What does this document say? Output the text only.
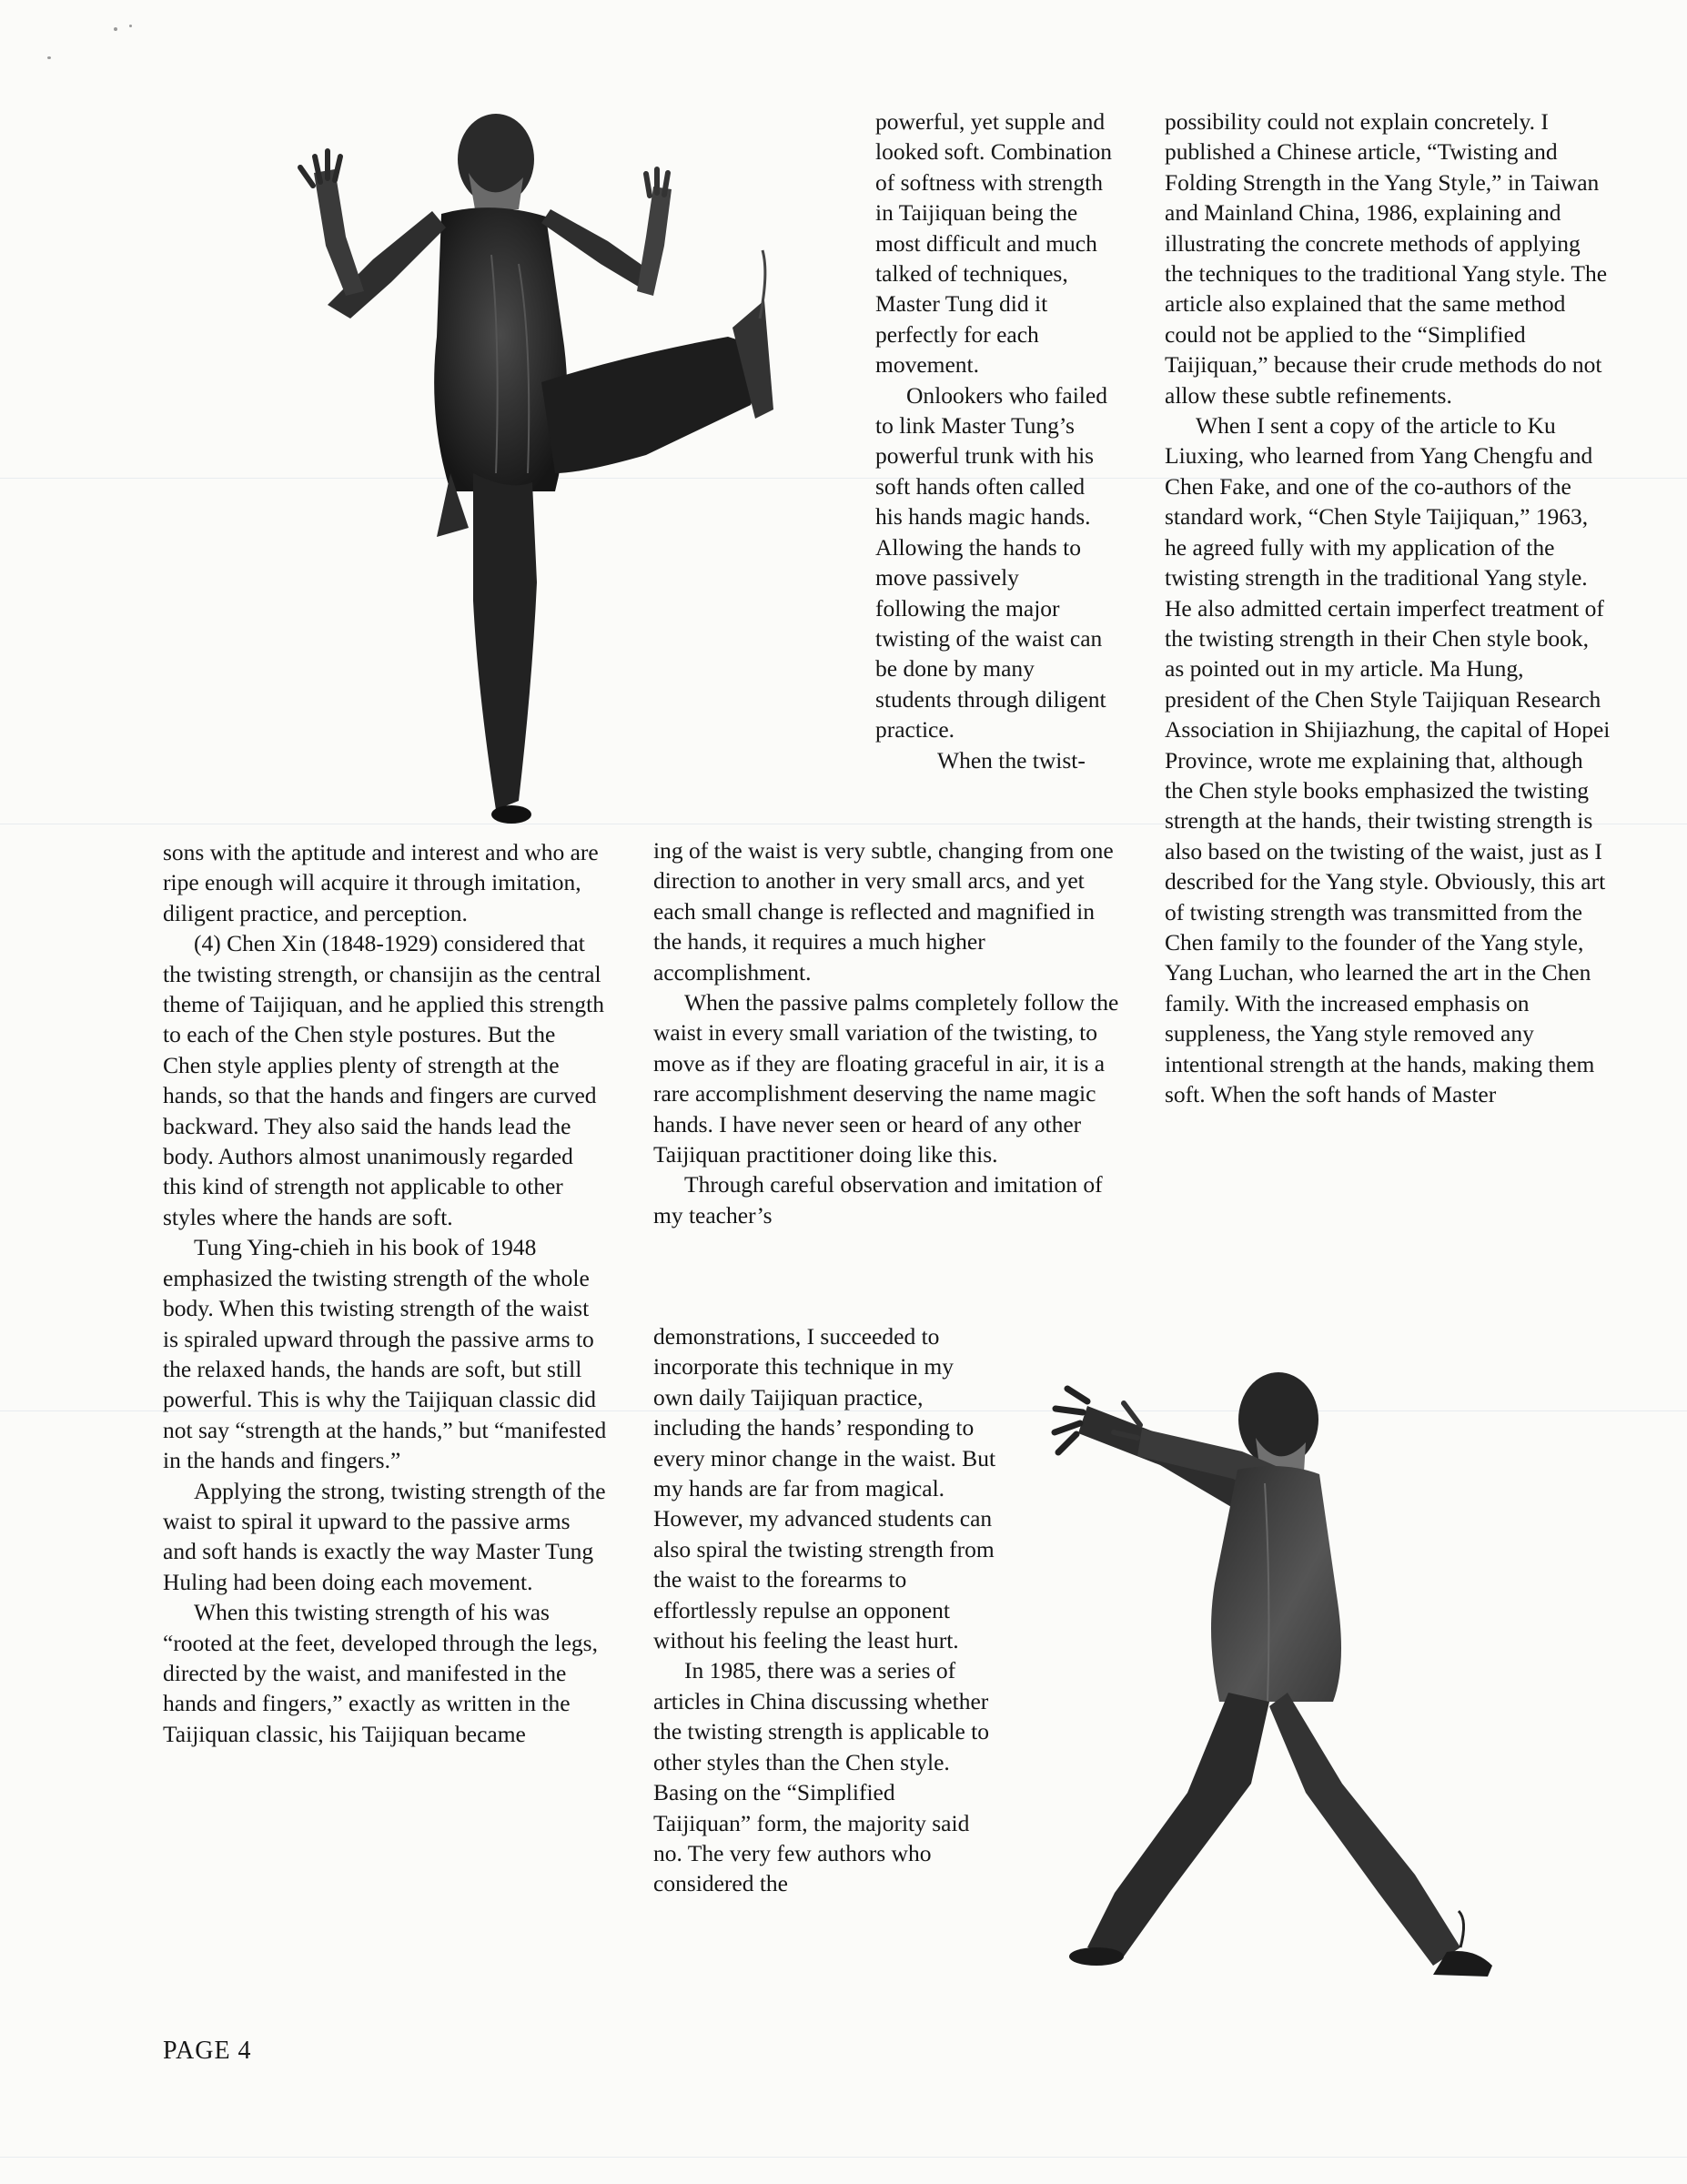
sons with the aptitude and interest and who are ripe enough will acquire it through imitation, diligent practice, and perception.

(4) Chen Xin (1848-1929) considered that the twisting strength, or chansijin as the central theme of Taijiquan, and he applied this strength to each of the Chen style postures. But the Chen style applies plenty of strength at the hands, so that the hands and fingers are curved backward. They also said the hands lead the body. Authors almost unanimously regarded this kind of strength not applicable to other styles where the hands are soft.

Tung Ying-chieh in his book of 1948 emphasized the twisting strength of the whole body. When this twisting strength of the waist is spiraled upward through the passive arms to the relaxed hands, the hands are soft, but still powerful. This is why the Taijiquan classic did not say “strength at the hands,” but “manifested in the hands and fingers.”

Applying the strong, twisting strength of the waist to spiral it upward to the passive arms and soft hands is exactly the way Master Tung Huling had been doing each movement.

When this twisting strength of his was “rooted at the feet, developed through the legs, directed by the waist, and manifested in the hands and fingers,” exactly as written in the Taijiquan classic, his Taijiquan became

powerful, yet supple and looked soft. Combination of softness with strength in Taijiquan being the most difficult and much talked of techniques, Master Tung did it perfectly for each movement.

Onlookers who failed to link Master Tung’s powerful trunk with his soft hands often called his hands magic hands. Allowing the hands to move passively following the major twisting of the waist can be done by many students through diligent practice.

When the twist-

ing of the waist is very subtle, changing from one direction to another in very small arcs, and yet each small change is reflected and magnified in the hands, it requires a much higher accomplishment.

When the passive palms completely follow the waist in every small variation of the twisting, to move as if they are floating graceful in air, it is a rare accomplishment deserving the name magic hands. I have never seen or heard of any other Taijiquan practitioner doing like this.

Through careful observation and imitation of my teacher’s

demonstrations, I succeeded to incorporate this technique in my own daily Taijiquan practice, including the hands’ responding to every minor change in the waist. But my hands are far from magical. However, my advanced students can also spiral the twisting strength from the waist to the forearms to effortlessly repulse an opponent without his feeling the least hurt.

In 1985, there was a series of articles in China discussing whether the twisting strength is applicable to other styles than the Chen style. Basing on the “Simplified Taijiquan” form, the majority said no. The very few authors who considered the

possibility could not explain concretely. I published a Chinese article, “Twisting and Folding Strength in the Yang Style,” in Taiwan and Mainland China, 1986, explaining and illustrating the concrete methods of applying the techniques to the traditional Yang style. The article also explained that the same method could not be applied to the “Simplified Taijiquan,” because their crude methods do not allow these subtle refinements.

When I sent a copy of the article to Ku Liuxing, who learned from Yang Chengfu and Chen Fake, and one of the co-authors of the standard work, “Chen Style Taijiquan,” 1963, he agreed fully with my application of the twisting strength in the traditional Yang style. He also admitted certain imperfect treatment of the twisting strength in their Chen style book, as pointed out in my article. Ma Hung, president of the Chen Style Taijiquan Research Association in Shijiazhung, the capital of Hopei Province, wrote me explaining that, although the Chen style books emphasized the twisting strength at the hands, their twisting strength is also based on the twisting of the waist, just as I described for the Yang style. Obviously, this art of twisting strength was transmitted from the Chen family to the founder of the Yang style, Yang Luchan, who learned the art in the Chen family. With the increased emphasis on suppleness, the Yang style removed any intentional strength at the hands, making them soft. When the soft hands of Master

PAGE 4
